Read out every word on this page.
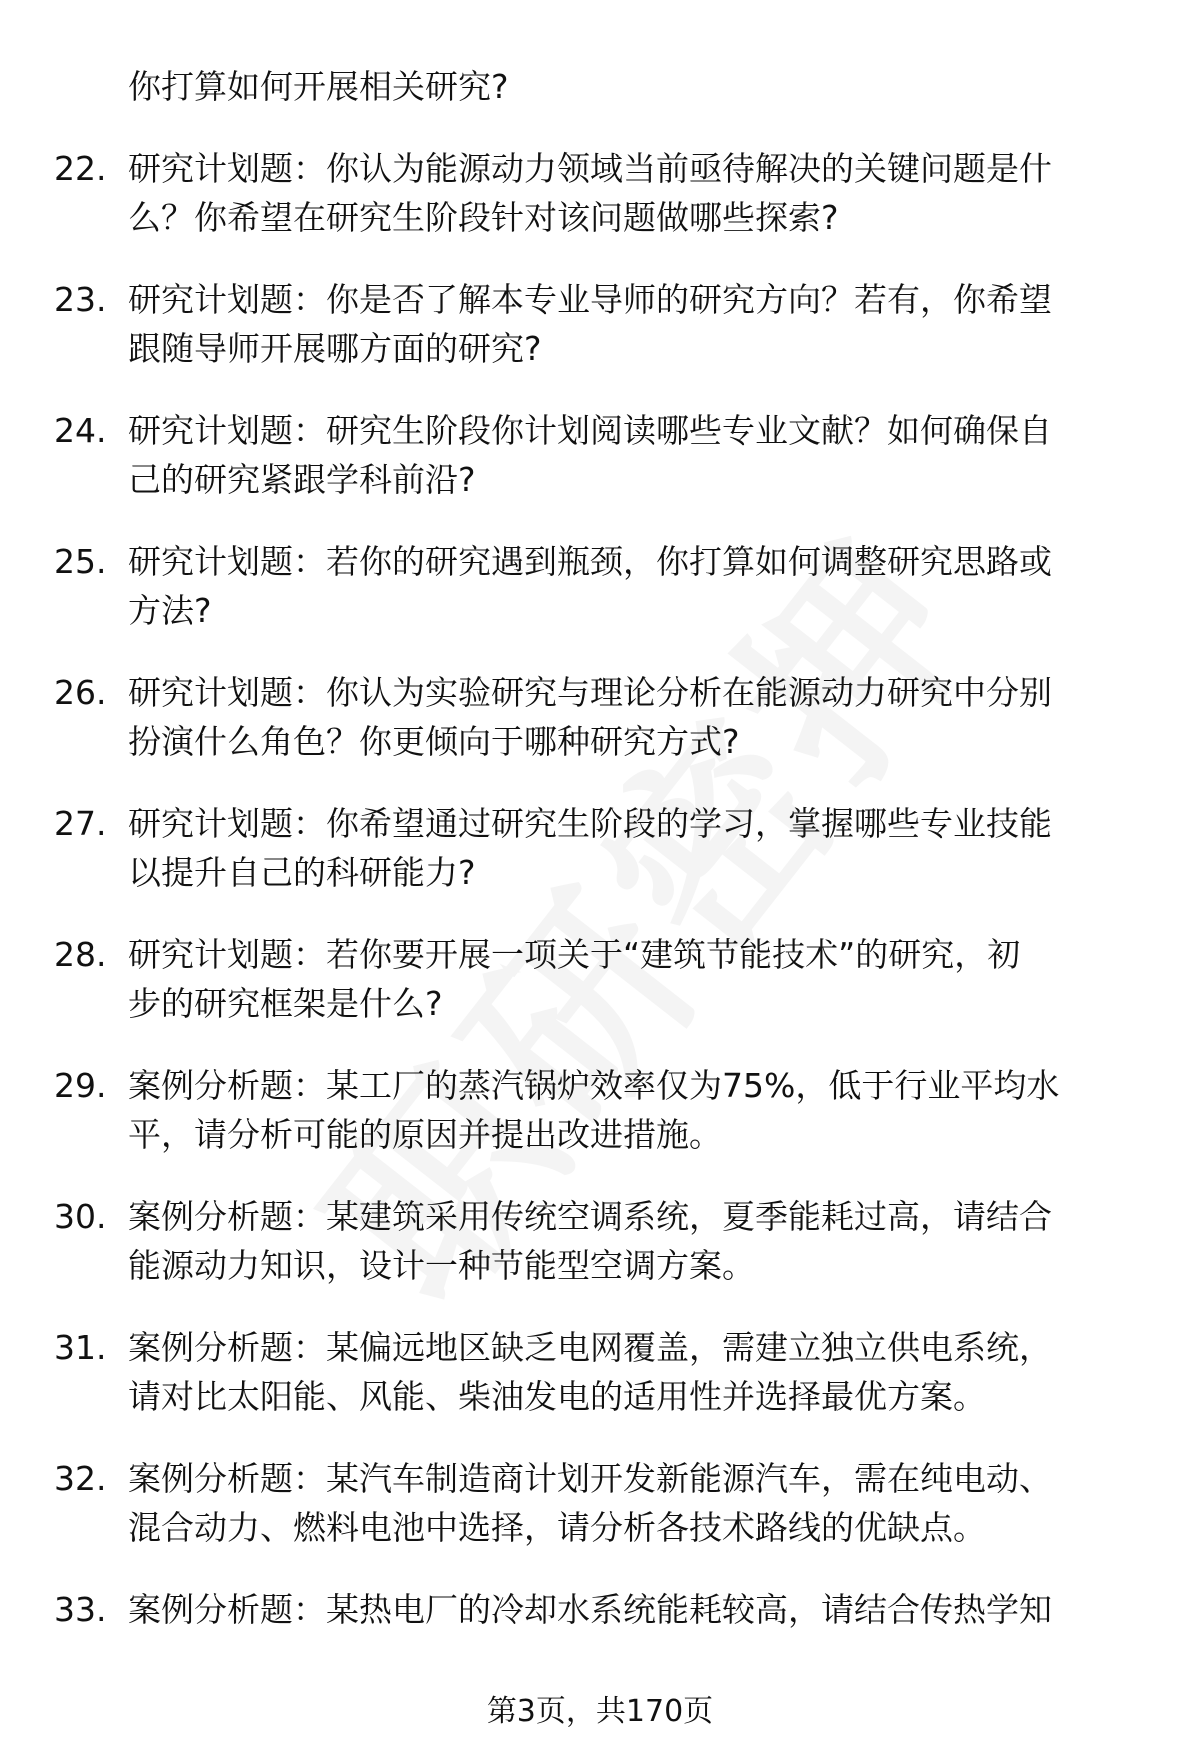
你打算如何开展相关研究?
22. 研究计划题：你认为能源动力领域当前亟待解决的关键问题是什
么？你希望在研究生阶段针对该问题做哪些探索?
23. 研究计划题：你是否了解本专业导师的研究方向？若有，你希望
跟随导师开展哪方面的研究?
24. 研究计划题：研究生阶段你计划阅读哪些专业文献？如何确保自
己的研究紧跟学科前沿?
25. 研究计划题：若你的研究遇到瓶颈，你打算如何调整研究思路或
方法?
26. 研究计划题：你认为实验研究与理论分析在能源动力研究中分别
扮演什么角色？你更倾向于哪种研究方式?
27. 研究计划题：你希望通过研究生阶段的学习，掌握哪些专业技能
以提升自己的科研能力?
28. 研究计划题：若你要开展一项关于“建筑节能技术”的研究，初
步的研究框架是什么?
29. 案例分析题：某工厂的蒸汽锅炉效率仅为75%，低于行业平均水
平，请分析可能的原因并提出改进措施。
30. 案例分析题：某建筑采用传统空调系统，夏季能耗过高，请结合
能源动力知识，设计一种节能型空调方案。
31. 案例分析题：某偏远地区缺乏电网覆盖，需建立独立供电系统，
请对比太阳能、风能、柴油发电的适用性并选择最优方案。
32. 案例分析题：某汽车制造商计划开发新能源汽车，需在纯电动、
混合动力、燃料电池中选择，请分析各技术路线的优缺点。
33. 案例分析题：某热电厂的冷却水系统能耗较高，请结合传热学知
第3页，共170页
